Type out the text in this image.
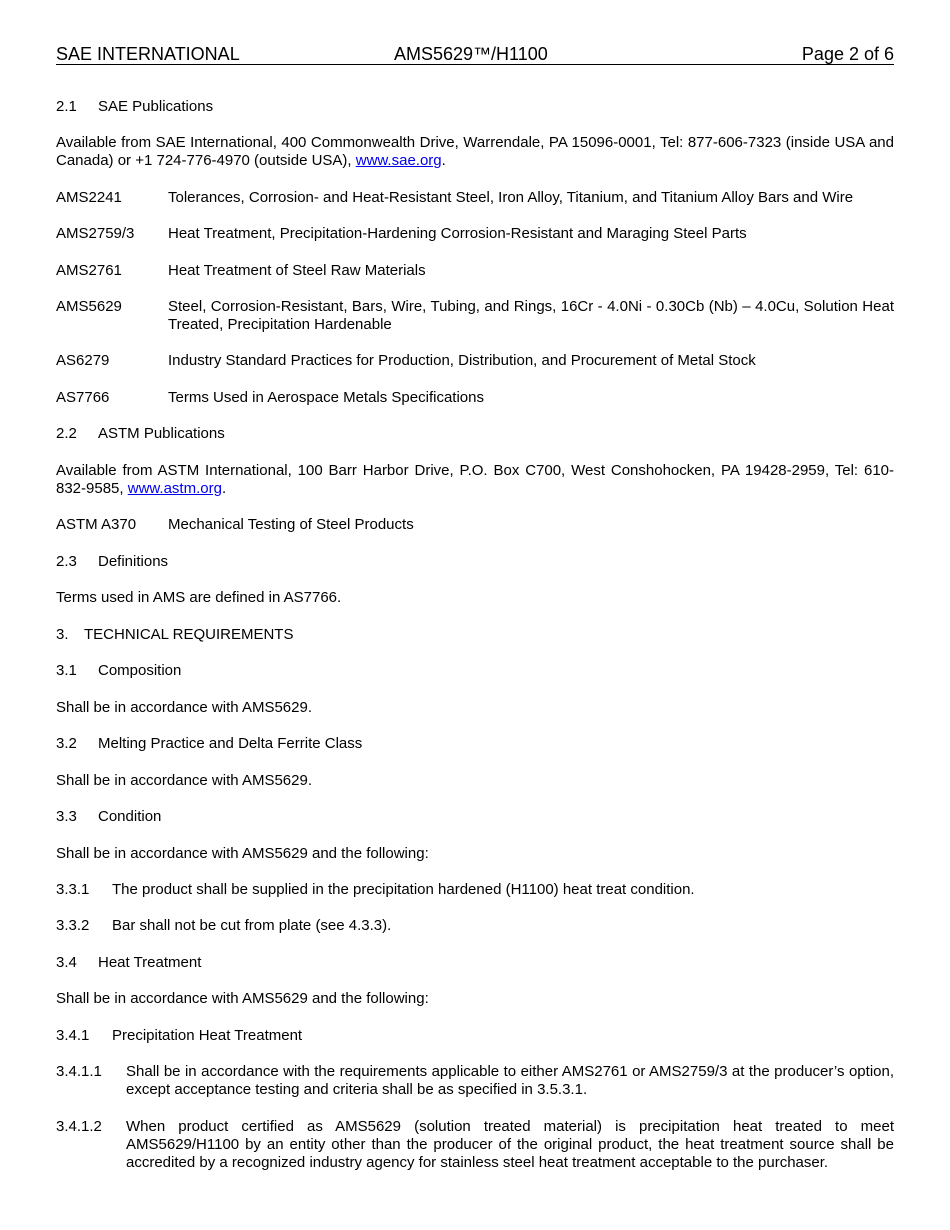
SAE INTERNATIONAL	AMS5629™/H1100	Page 2 of 6
2.1 SAE Publications

Available from SAE International, 400 Commonwealth Drive, Warrendale, PA 15096-0001, Tel: 877-606-7323 (inside USA and Canada) or +1 724-776-4970 (outside USA), www.sae.org.

AMS2241	Tolerances, Corrosion- and Heat-Resistant Steel, Iron Alloy, Titanium, and Titanium Alloy Bars and Wire
AMS2759/3 Heat Treatment, Precipitation-Hardening Corrosion-Resistant and Maraging Steel Parts
AMS2761	Heat Treatment of Steel Raw Materials
AMS5629	Steel, Corrosion-Resistant, Bars, Wire, Tubing, and Rings, 16Cr - 4.0Ni - 0.30Cb (Nb) – 4.0Cu, Solution Heat Treated, Precipitation Hardenable
AS6279	Industry Standard Practices for Production, Distribution, and Procurement of Metal Stock
AS7766	Terms Used in Aerospace Metals Specifications
2.2 ASTM Publications

Available from ASTM International, 100 Barr Harbor Drive, P.O. Box C700, West Conshohocken, PA 19428-2959, Tel: 610-832-9585, www.astm.org.

ASTM A370 Mechanical Testing of Steel Products
2.3 Definitions

Terms used in AMS are defined in AS7766.

3. TECHNICAL REQUIREMENTS
3.1 Composition

Shall be in accordance with AMS5629.

3.2 Melting Practice and Delta Ferrite Class

Shall be in accordance with AMS5629.

3.3 Condition

Shall be in accordance with AMS5629 and the following:

3.3.1 The product shall be supplied in the precipitation hardened (H1100) heat treat condition.
3.3.2 Bar shall not be cut from plate (see 4.3.3).
3.4 Heat Treatment

Shall be in accordance with AMS5629 and the following:

3.4.1 Precipitation Heat Treatment
3.4.1.1 Shall be in accordance with the requirements applicable to either AMS2761 or AMS2759/3 at the producer’s option, except acceptance testing and criteria shall be as specified in 3.5.3.1.
3.4.1.2 When product certified as AMS5629 (solution treated material) is precipitation heat treated to meet AMS5629/H1100 by an entity other than the producer of the original product, the heat treatment source shall be accredited by a recognized industry agency for stainless steel heat treatment acceptable to the purchaser.
